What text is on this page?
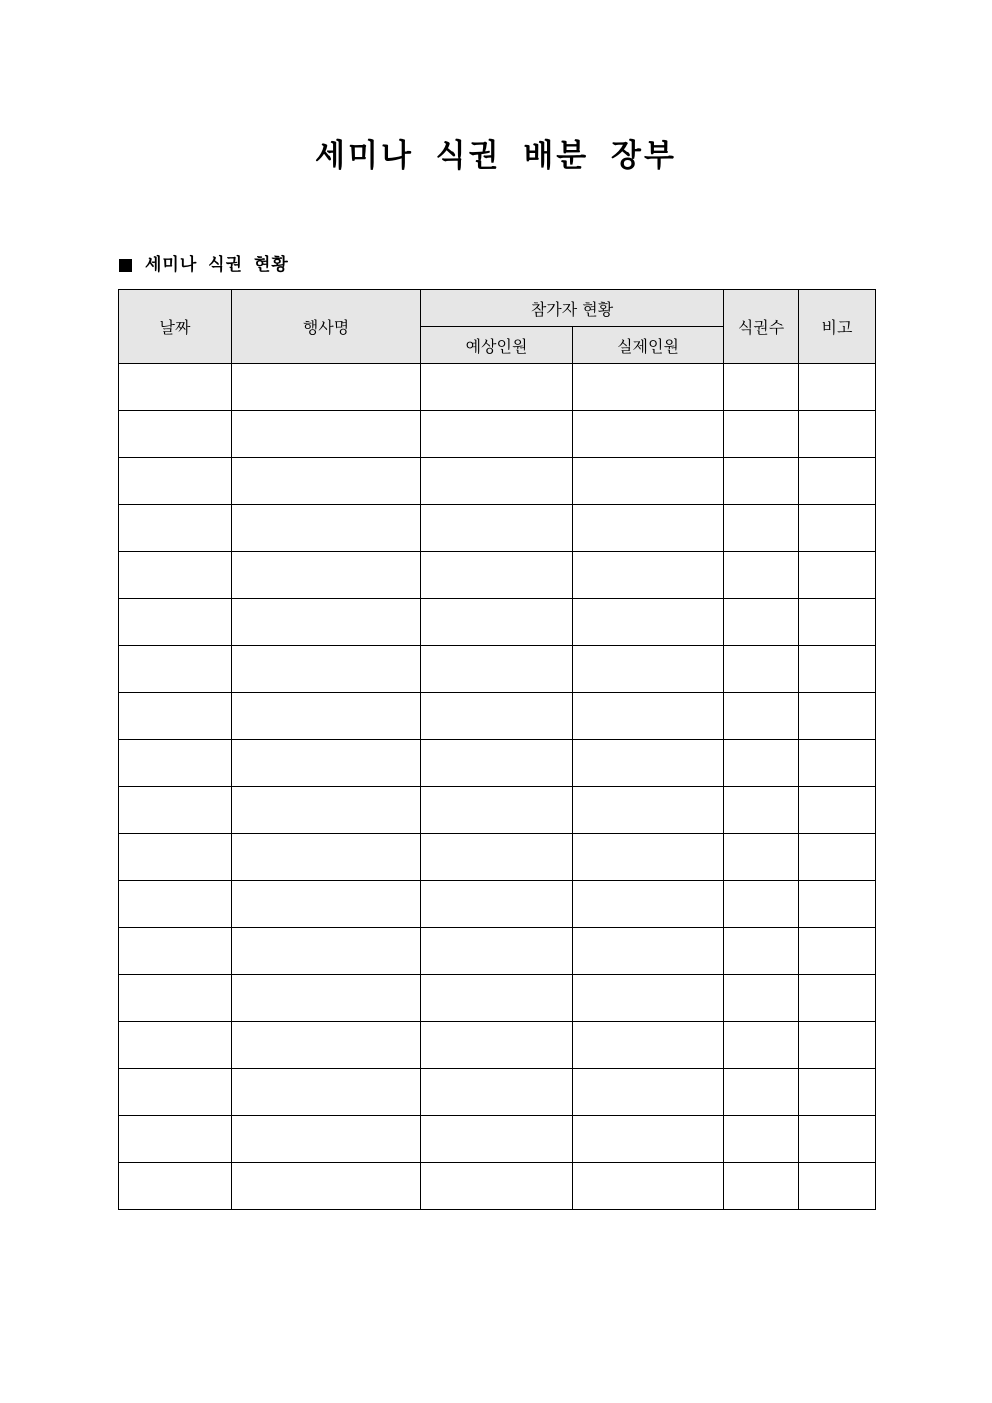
세미나 식권 배분 장부
세미나 식권 현황
날짜	행사명	참가자 현황		식권수	비고
		예상인원	실제인원		
